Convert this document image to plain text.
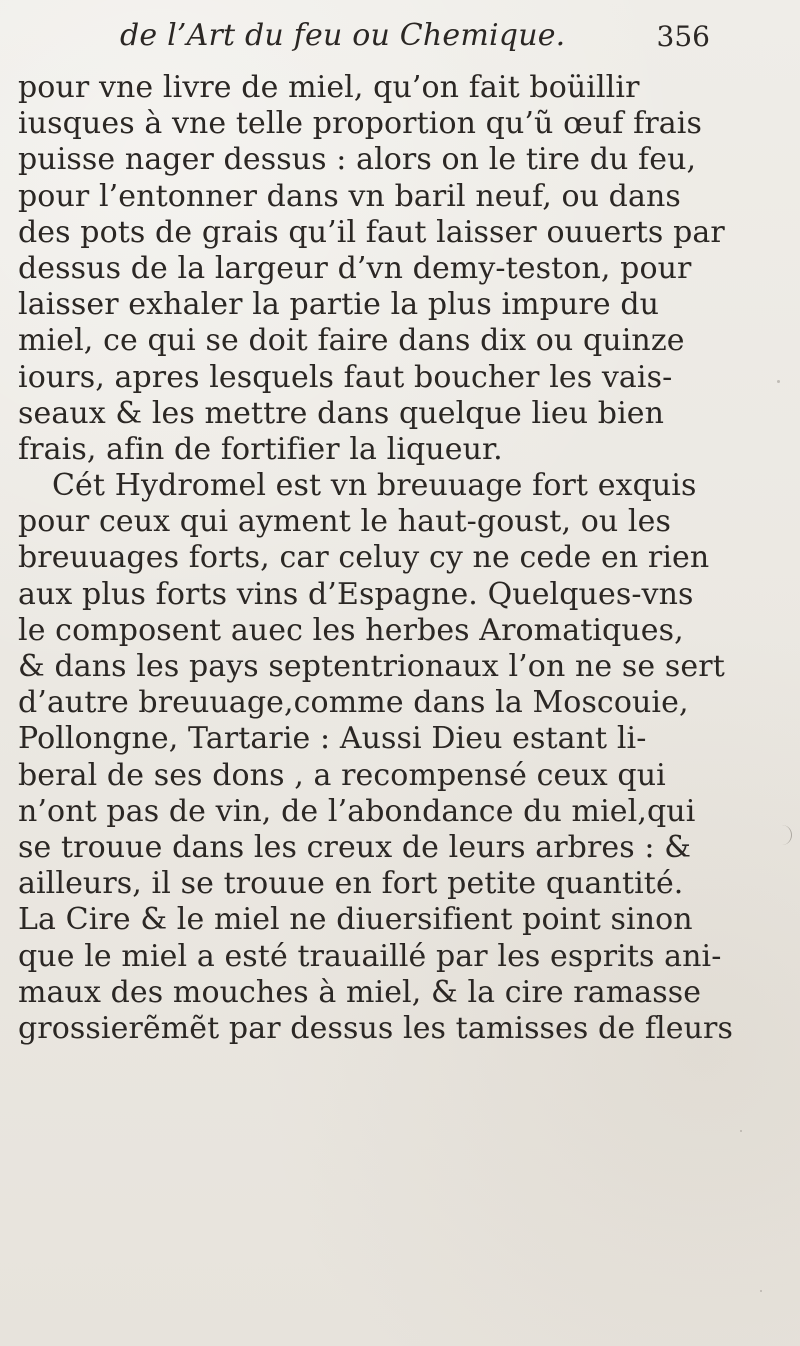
de l’Art du feu ou Chemique.	356
pour vne livre de miel, qu’on fait boüillir
iusques à vne telle proportion qu’ũ œuf frais
puisse nager dessus : alors on le tire du feu,
pour l’entonner dans vn baril neuf, ou dans
des pots de grais qu’il faut laisser ouuerts par
dessus de la largeur d’vn demy-teston, pour
laisser exhaler la partie la plus impure du
miel, ce qui se doit faire dans dix ou quinze
iours, apres lesquels faut boucher les vais-
seaux & les mettre dans quelque lieu bien
frais, afin de fortifier la liqueur.
Cét Hydromel est vn breuuage fort exquis
pour ceux qui ayment le haut-goust, ou les
breuuages forts, car celuy cy ne cede en rien
aux plus forts vins d’Espagne. Quelques-vns
le composent auec les herbes Aromatiques,
& dans les pays septentrionaux l’on ne se sert
d’autre breuuage,comme dans la Moscouie,
Pollongne, Tartarie : Aussi Dieu estant li-
beral de ses dons , a recompensé ceux qui
n’ont pas de vin, de l’abondance du miel,qui
se trouue dans les creux de leurs arbres : &
ailleurs, il se trouue en fort petite quantité.
La Cire & le miel ne diuersifient point sinon
que le miel a esté trauaillé par les esprits ani-
maux des mouches à miel, & la cire ramasse
grossierẽmẽt par dessus les tamisses de fleurs
